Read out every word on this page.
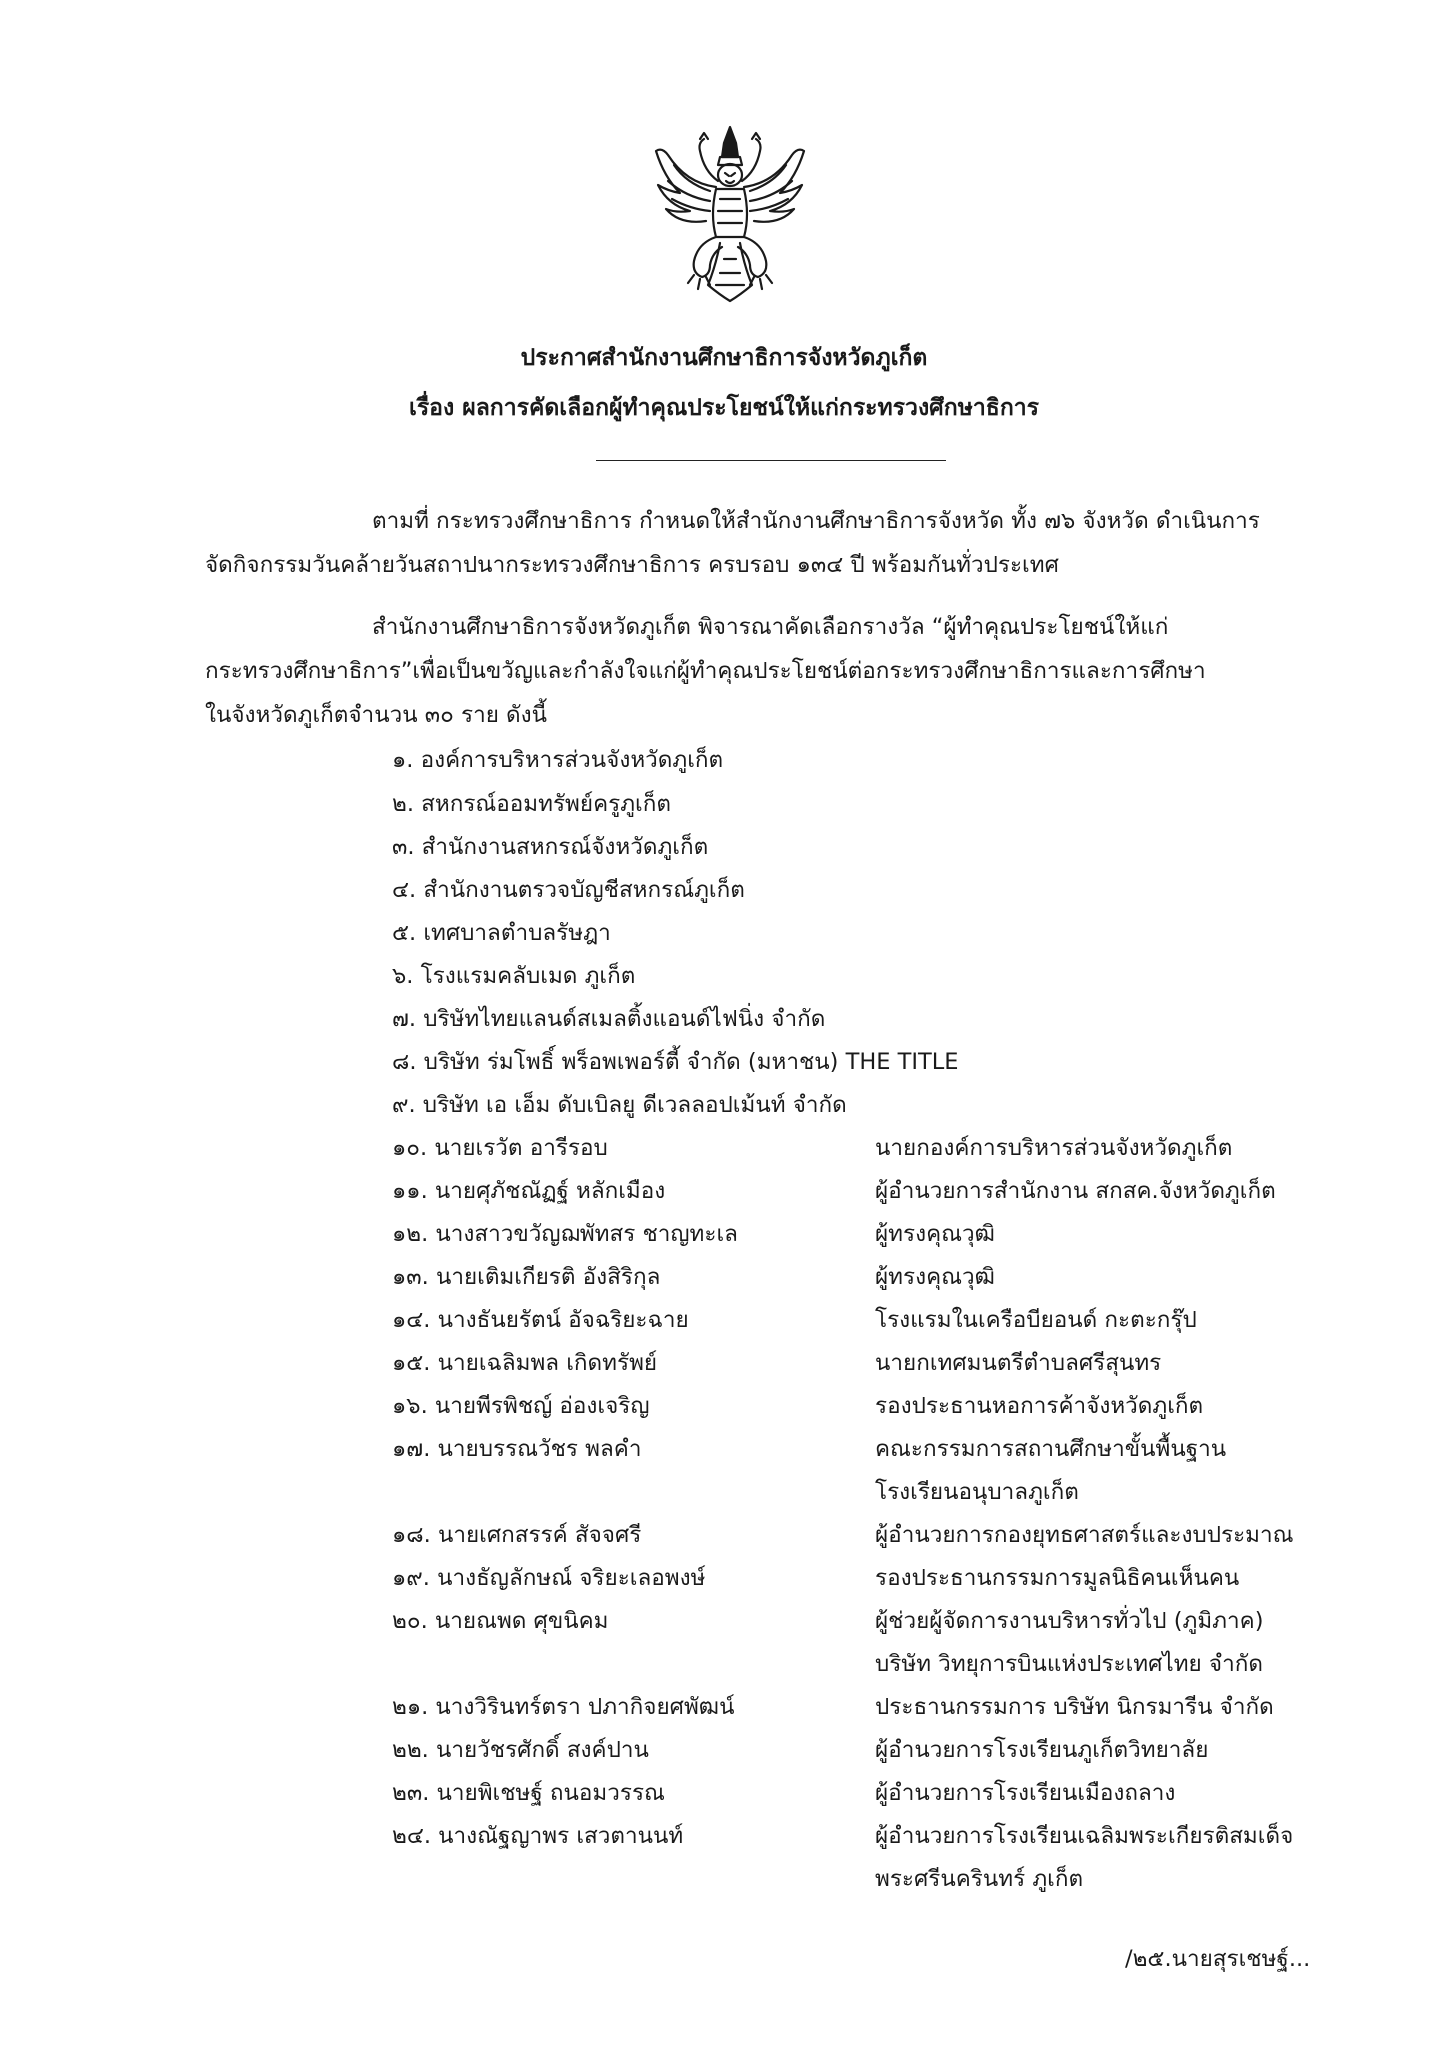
ประกาศสำนักงานศึกษาธิการจังหวัดภูเก็ต
เรื่อง ผลการคัดเลือกผู้ทำคุณประโยชน์ให้แก่กระทรวงศึกษาธิการ
ตามที่ กระทรวงศึกษาธิการ กำหนดให้สำนักงานศึกษาธิการจังหวัด ทั้ง ๗๖ จังหวัด ดำเนินการ
จัดกิจกรรมวันคล้ายวันสถาปนากระทรวงศึกษาธิการ ครบรอบ ๑๓๔ ปี พร้อมกันทั่วประเทศ
สำนักงานศึกษาธิการจังหวัดภูเก็ต พิจารณาคัดเลือกรางวัล “ผู้ทำคุณประโยชน์ให้แก่
กระทรวงศึกษาธิการ”เพื่อเป็นขวัญและกำลังใจแก่ผู้ทำคุณประโยชน์ต่อกระทรวงศึกษาธิการและการศึกษา
ในจังหวัดภูเก็ตจำนวน ๓๐ ราย ดังนี้
๑. องค์การบริหารส่วนจังหวัดภูเก็ต
๒. สหกรณ์ออมทรัพย์ครูภูเก็ต
๓. สำนักงานสหกรณ์จังหวัดภูเก็ต
๔. สำนักงานตรวจบัญชีสหกรณ์ภูเก็ต
๕. เทศบาลตำบลรัษฎา
๖. โรงแรมคลับเมด ภูเก็ต
๗. บริษัทไทยแลนด์สเมลติ้งแอนด์ไฟนิ่ง จำกัด
๘. บริษัท ร่มโพธิ์ พร็อพเพอร์ตี้ จำกัด (มหาชน) THE TITLE
๙. บริษัท เอ เอ็ม ดับเบิลยู ดีเวลลอปเม้นท์ จำกัด
๑๐. นายเรวัต อารีรอบ	นายกองค์การบริหารส่วนจังหวัดภูเก็ต
๑๑. นายศุภัชณัฏฐ์ หลักเมือง	ผู้อำนวยการสำนักงาน สกสค.จังหวัดภูเก็ต
๑๒. นางสาวขวัญฌพัทสร ชาญทะเล	ผู้ทรงคุณวุฒิ
๑๓. นายเติมเกียรติ อังสิริกุล	ผู้ทรงคุณวุฒิ
๑๔. นางธันยรัตน์ อัจฉริยะฉาย	โรงแรมในเครือบียอนด์ กะตะกรุ๊ป
๑๕. นายเฉลิมพล เกิดทรัพย์	นายกเทศมนตรีตำบลศรีสุนทร
๑๖. นายพีรพิชญ์ อ่องเจริญ	รองประธานหอการค้าจังหวัดภูเก็ต
๑๗. นายบรรณวัชร พลคำ	คณะกรรมการสถานศึกษาขั้นพื้นฐาน
โรงเรียนอนุบาลภูเก็ต
๑๘. นายเศกสรรค์ สัจจศรี	ผู้อำนวยการกองยุทธศาสตร์และงบประมาณ
๑๙. นางธัญลักษณ์ จริยะเลอพงษ์	รองประธานกรรมการมูลนิธิคนเห็นคน
๒๐. นายณพด ศุขนิคม	ผู้ช่วยผู้จัดการงานบริหารทั่วไป (ภูมิภาค)
บริษัท วิทยุการบินแห่งประเทศไทย จำกัด
๒๑. นางวิรินทร์ตรา ปภากิจยศพัฒน์	ประธานกรรมการ บริษัท นิกรมารีน จำกัด
๒๒. นายวัชรศักดิ์ สงค์ปาน	ผู้อำนวยการโรงเรียนภูเก็ตวิทยาลัย
๒๓. นายพิเชษฐ์ ถนอมวรรณ	ผู้อำนวยการโรงเรียนเมืองถลาง
๒๔. นางณัฐญาพร เสวตานนท์	ผู้อำนวยการโรงเรียนเฉลิมพระเกียรติสมเด็จ
พระศรีนครินทร์ ภูเก็ต
/๒๕.นายสุรเชษฐ์...
